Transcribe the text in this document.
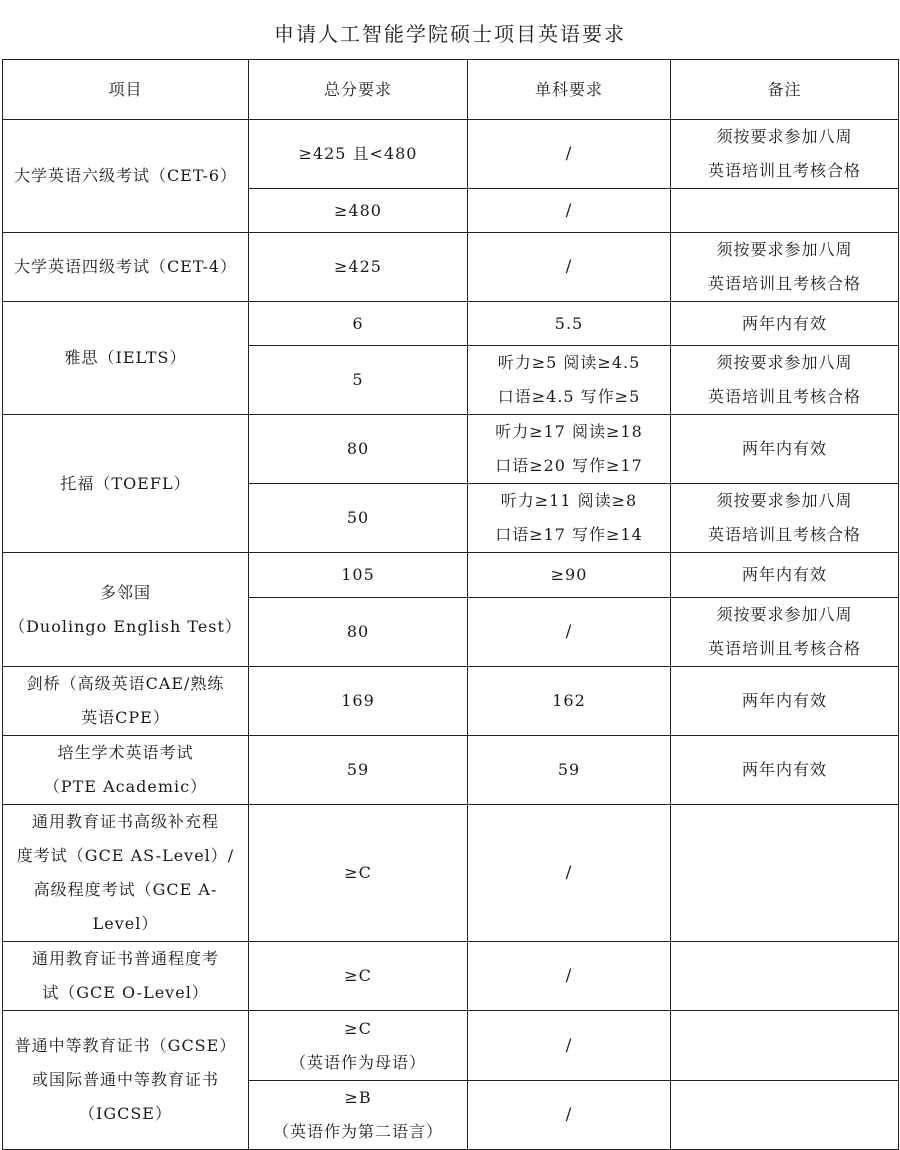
申请人工智能学院硕士项目英语要求
项目	总分要求	单科要求	备注
大学英语六级考试（CET-6）	≥425 且<480	/	须按要求参加八周
英语培训且考核合格

	≥480	/	
大学英语四级考试（CET-4）	≥425	/	须按要求参加八周
英语培训且考核合格

雅思（IELTS）	6	5.5	两年内有效
	5	听力≥5 阅读≥4.5
口语≥4.5 写作≥5	须按要求参加八周
英语培训且考核合格

托福（TOEFL）	80	听力≥17 阅读≥18
口语≥20 写作≥17	两年内有效
	50	听力≥11 阅读≥8
口语≥17 写作≥14	须按要求参加八周
英语培训且考核合格

多邻国
（Duolingo English Test）	105	≥90	两年内有效
	80	/	须按要求参加八周
英语培训且考核合格

剑桥（高级英语CAE/熟练
英语CPE）	169	162	两年内有效

培生学术英语考试
（PTE Academic）	59	59	两年内有效

通用教育证书高级补充程
度考试（GCE AS-Level）/
高级程度考试（GCE A-
Level）	≥C	/	

通用教育证书普通程度考
试（GCE O-Level）	≥C	/	

普通中等教育证书（GCSE）
或国际普通中等教育证书
（IGCSE）	≥C
（英语作为母语）	/	

	≥B
（英语作为第二语言）	/	
